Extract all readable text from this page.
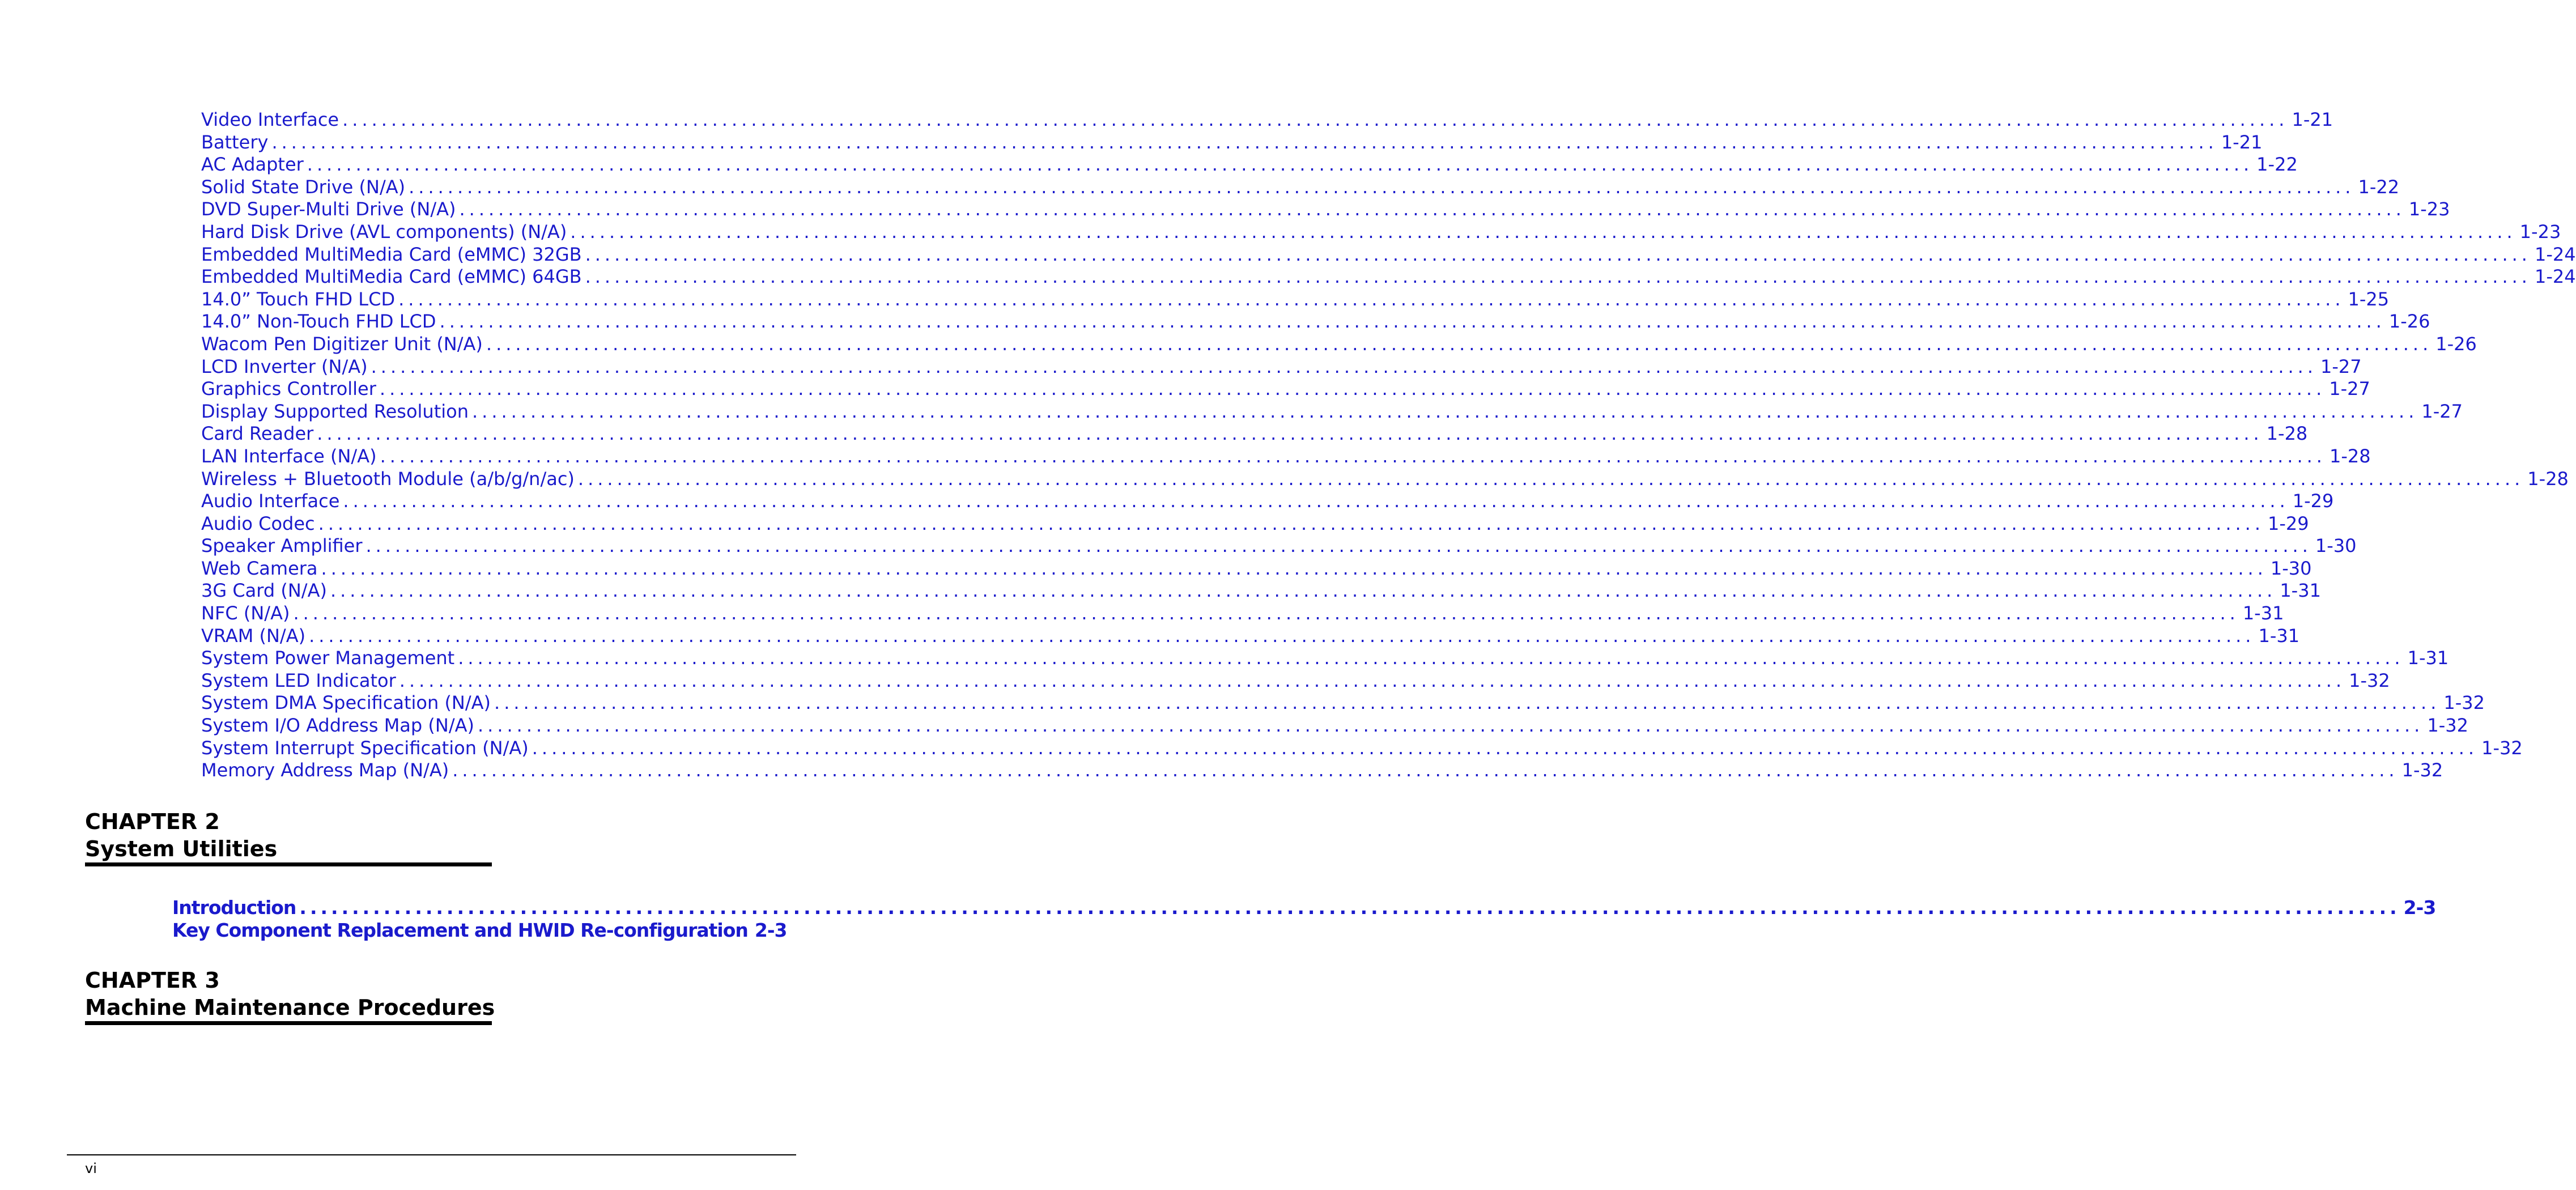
Video Interface ........................................................................................................................................................................................................ 1-21
Battery ........................................................................................................................................................................................................ 1-21
AC Adapter ........................................................................................................................................................................................................ 1-22
Solid State Drive (N/A) ........................................................................................................................................................................................................ 1-22
DVD Super-Multi Drive (N/A) ........................................................................................................................................................................................................ 1-23
Hard Disk Drive (AVL components) (N/A) ........................................................................................................................................................................................................ 1-23
Embedded MultiMedia Card (eMMC) 32GB ........................................................................................................................................................................................................ 1-24
Embedded MultiMedia Card (eMMC) 64GB ........................................................................................................................................................................................................ 1-24
14.0” Touch FHD LCD ........................................................................................................................................................................................................ 1-25
14.0” Non-Touch FHD LCD ........................................................................................................................................................................................................ 1-26
Wacom Pen Digitizer Unit (N/A) ........................................................................................................................................................................................................ 1-26
LCD Inverter (N/A) ........................................................................................................................................................................................................ 1-27
Graphics Controller ........................................................................................................................................................................................................ 1-27
Display Supported Resolution ........................................................................................................................................................................................................ 1-27
Card Reader ........................................................................................................................................................................................................ 1-28
LAN Interface (N/A) ........................................................................................................................................................................................................ 1-28
Wireless + Bluetooth Module (a/b/g/n/ac) ........................................................................................................................................................................................................ 1-28
Audio Interface ........................................................................................................................................................................................................ 1-29
Audio Codec ........................................................................................................................................................................................................ 1-29
Speaker Amplifier ........................................................................................................................................................................................................ 1-30
Web Camera ........................................................................................................................................................................................................ 1-30
3G Card (N/A) ........................................................................................................................................................................................................ 1-31
NFC (N/A) ........................................................................................................................................................................................................ 1-31
VRAM (N/A) ........................................................................................................................................................................................................ 1-31
System Power Management ........................................................................................................................................................................................................ 1-31
System LED Indicator ........................................................................................................................................................................................................ 1-32
System DMA Specification (N/A) ........................................................................................................................................................................................................ 1-32
System I/O Address Map (N/A) ........................................................................................................................................................................................................ 1-32
System Interrupt Specification (N/A) ........................................................................................................................................................................................................ 1-32
Memory Address Map (N/A) ........................................................................................................................................................................................................ 1-32
CHAPTER 2
System Utilities
Introduction ........................................................................................................................................................................................................ 2-3
Key Component Replacement and HWID Re-configuration 2-3
CHAPTER 3
Machine Maintenance Procedures
vi
